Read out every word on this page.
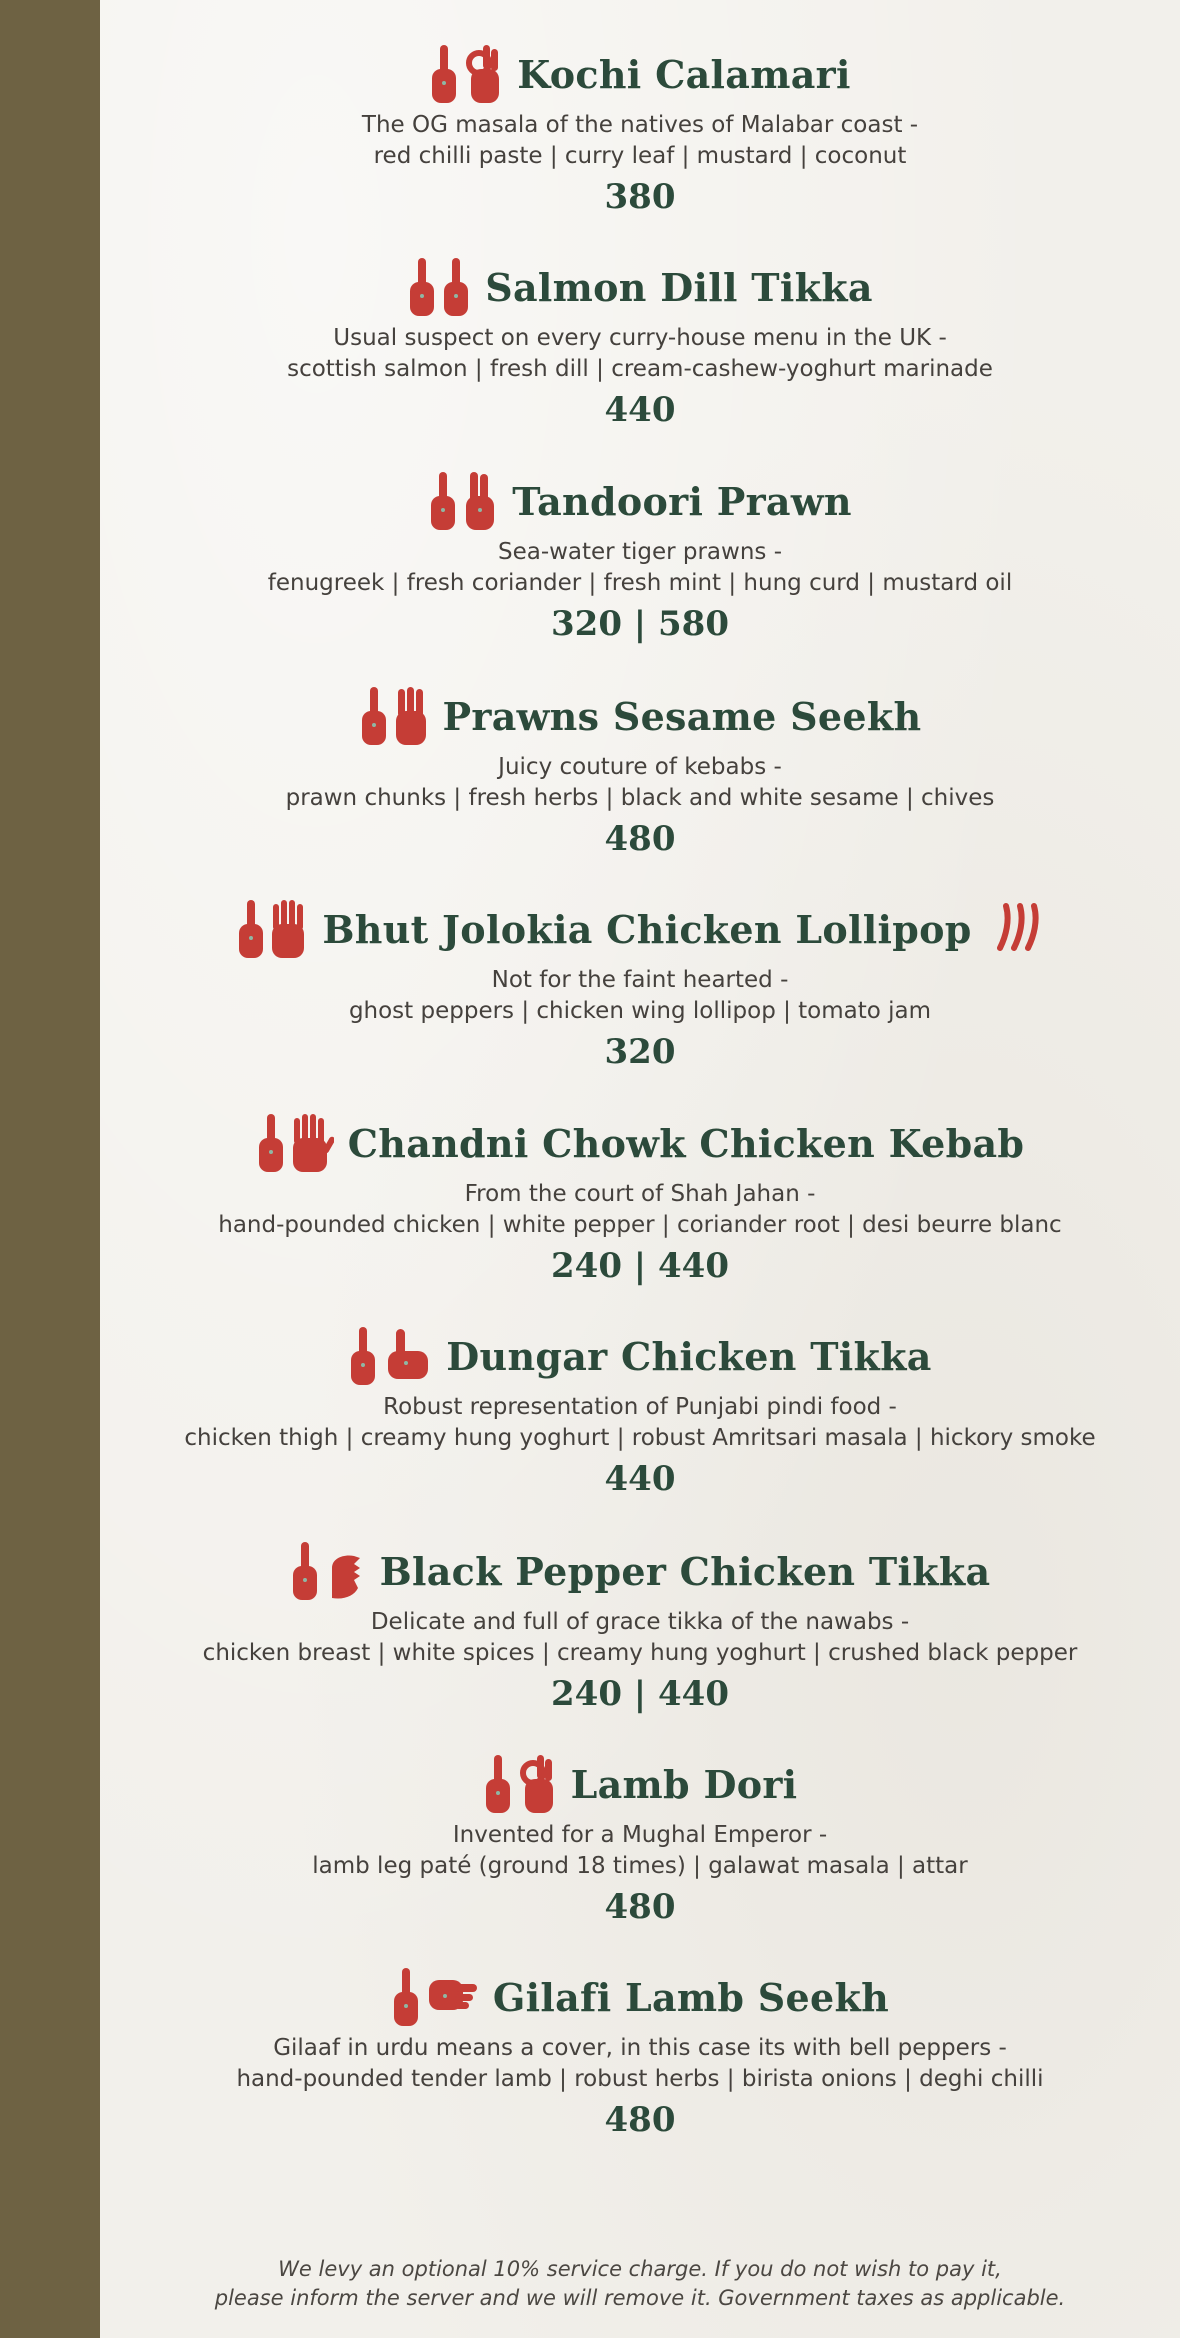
Kochi Calamari
The OG masala of the natives of Malabar coast -
red chilli paste | curry leaf | mustard | coconut
380
Salmon Dill Tikka
Usual suspect on every curry-house menu in the UK -
scottish salmon | fresh dill | cream-cashew-yoghurt marinade
440
Tandoori Prawn
Sea-water tiger prawns -
fenugreek | fresh coriander | fresh mint | hung curd | mustard oil
320 | 580
Prawns Sesame Seekh
Juicy couture of kebabs -
prawn chunks | fresh herbs | black and white sesame | chives
480
Bhut Jolokia Chicken Lollipop
Not for the faint hearted -
ghost peppers | chicken wing lollipop | tomato jam
320
Chandni Chowk Chicken Kebab
From the court of Shah Jahan -
hand-pounded chicken | white pepper | coriander root | desi beurre blanc
240 | 440
Dungar Chicken Tikka
Robust representation of Punjabi pindi food -
chicken thigh | creamy hung yoghurt | robust Amritsari masala | hickory smoke
440
Black Pepper Chicken Tikka
Delicate and full of grace tikka of the nawabs -
chicken breast | white spices | creamy hung yoghurt | crushed black pepper
240 | 440
Lamb Dori
Invented for a Mughal Emperor -
lamb leg paté (ground 18 times) | galawat masala | attar
480
Gilafi Lamb Seekh
Gilaaf in urdu means a cover, in this case its with bell peppers -
hand-pounded tender lamb | robust herbs | birista onions | deghi chilli
480
We levy an optional 10% service charge. If you do not wish to pay it,
please inform the server and we will remove it. Government taxes as applicable.
